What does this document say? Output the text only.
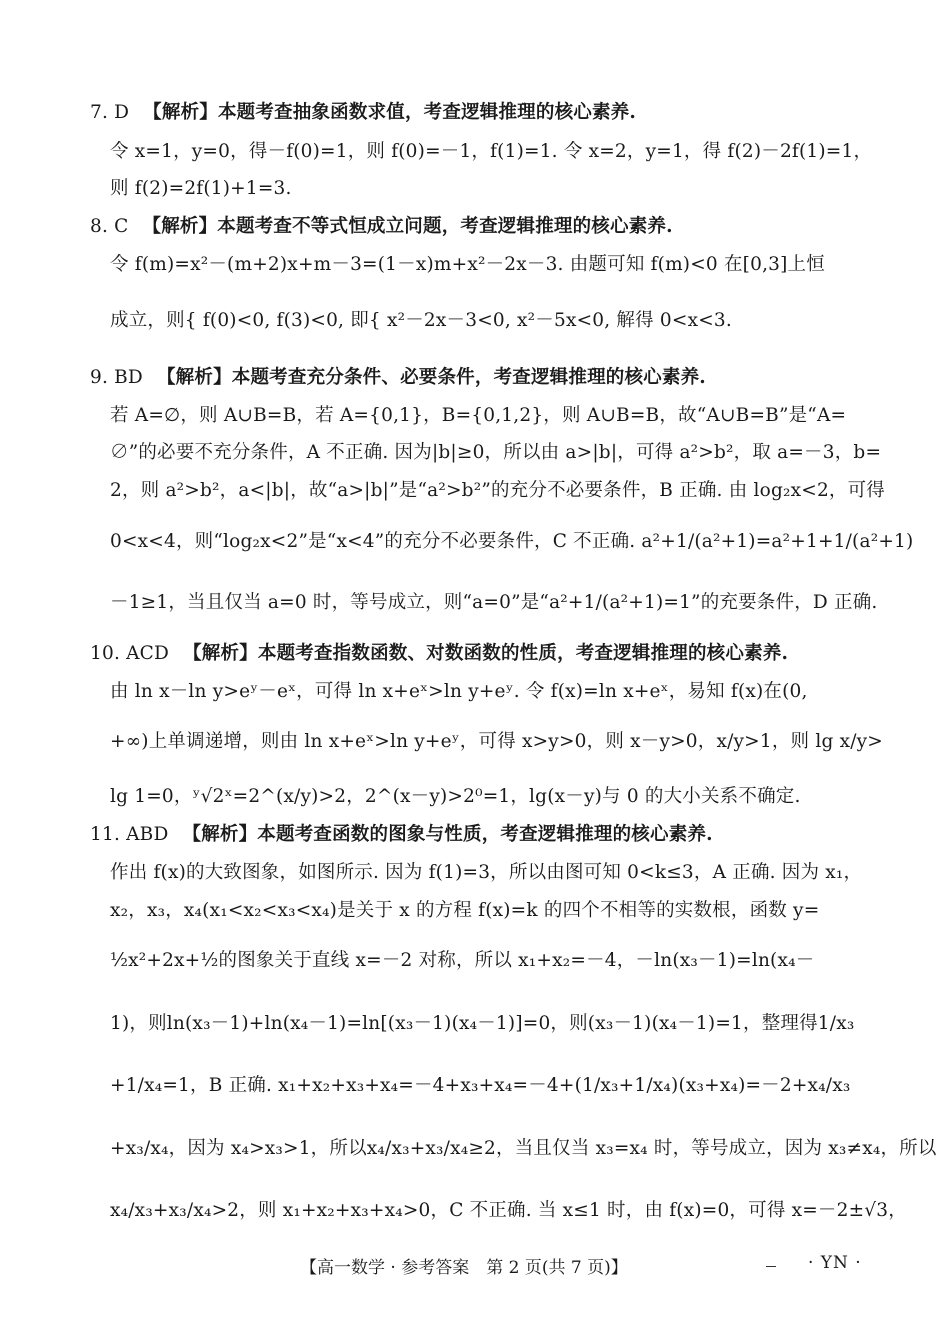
7. D 【解析】本题考查抽象函数求值，考查逻辑推理的核心素养.
令 x=1，y=0，得－f(0)=1，则 f(0)=－1，f(1)=1. 令 x=2，y=1，得 f(2)－2f(1)=1，
则 f(2)=2f(1)+1=3.
8. C 【解析】本题考查不等式恒成立问题，考查逻辑推理的核心素养.
令 f(m)=x²－(m+2)x+m－3=(1－x)m+x²－2x－3. 由题可知 f(m)<0 在[0,3]上恒
成立，则{ f(0)<0, f(3)<0, 即{ x²－2x－3<0, x²－5x<0, 解得 0<x<3.
9. BD 【解析】本题考查充分条件、必要条件，考查逻辑推理的核心素养.
若 A=∅，则 A∪B=B，若 A={0,1}，B={0,1,2}，则 A∪B=B，故“A∪B=B”是“A=
∅”的必要不充分条件，A 不正确. 因为|b|≥0，所以由 a>|b|，可得 a²>b²，取 a=－3，b=
2，则 a²>b²，a<|b|，故“a>|b|”是“a²>b²”的充分不必要条件，B 正确. 由 log₂x<2，可得
0<x<4，则“log₂x<2”是“x<4”的充分不必要条件，C 不正确. a²+1/(a²+1)=a²+1+1/(a²+1)
－1≥1，当且仅当 a=0 时，等号成立，则“a=0”是“a²+1/(a²+1)=1”的充要条件，D 正确.
10. ACD 【解析】本题考查指数函数、对数函数的性质，考查逻辑推理的核心素养.
由 ln x－ln y>eʸ－eˣ，可得 ln x+eˣ>ln y+eʸ. 令 f(x)=ln x+eˣ，易知 f(x)在(0,
+∞)上单调递增，则由 ln x+eˣ>ln y+eʸ，可得 x>y>0，则 x－y>0，x/y>1，则 lg x/y>
lg 1=0，ʸ√2ˣ=2^(x/y)>2，2^(x－y)>2⁰=1，lg(x－y)与 0 的大小关系不确定.
11. ABD 【解析】本题考查函数的图象与性质，考查逻辑推理的核心素养.
作出 f(x)的大致图象，如图所示. 因为 f(1)=3，所以由图可知 0<k≤3，A 正确. 因为 x₁，
x₂，x₃，x₄(x₁<x₂<x₃<x₄)是关于 x 的方程 f(x)=k 的四个不相等的实数根，函数 y=
½x²+2x+½的图象关于直线 x=－2 对称，所以 x₁+x₂=－4，－ln(x₃－1)=ln(x₄－
1)，则ln(x₃－1)+ln(x₄－1)=ln[(x₃－1)(x₄－1)]=0，则(x₃－1)(x₄－1)=1，整理得1/x₃
+1/x₄=1，B 正确. x₁+x₂+x₃+x₄=－4+x₃+x₄=－4+(1/x₃+1/x₄)(x₃+x₄)=－2+x₄/x₃
+x₃/x₄，因为 x₄>x₃>1，所以x₄/x₃+x₃/x₄≥2，当且仅当 x₃=x₄ 时，等号成立，因为 x₃≠x₄，所以
x₄/x₃+x₃/x₄>2，则 x₁+x₂+x₃+x₄>0，C 不正确. 当 x≤1 时，由 f(x)=0，可得 x=－2±√3，
【高一数学 · 参考答案　第 2 页(共 7 页)】	· YN ·
